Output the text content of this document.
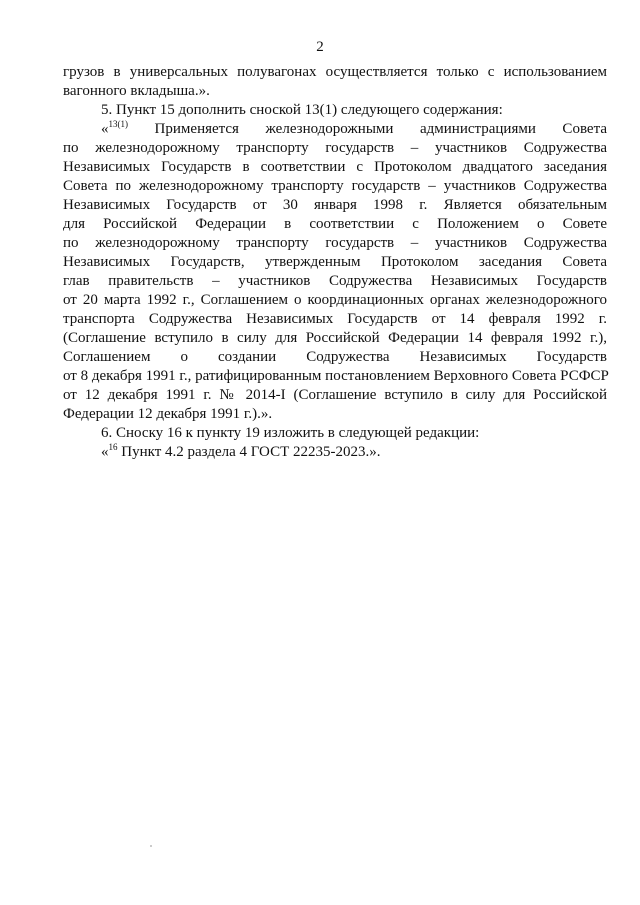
2
грузов в универсальных полувагонах осуществляется только с использованием
вагонного вкладыша.».
5. Пункт 15 дополнить сноской 13(1) следующего содержания:
«$^{13(1)}$ Применяется железнодорожными администрациями Совета
по железнодорожному транспорту государств – участников Содружества
Независимых Государств в соответствии с Протоколом двадцатого заседания
Совета по железнодорожному транспорту государств – участников Содружества
Независимых Государств от 30 января 1998 г. Является обязательным
для Российской Федерации в соответствии с Положением о Совете
по железнодорожному транспорту государств – участников Содружества
Независимых Государств, утвержденным Протоколом заседания Совета
глав правительств – участников Содружества Независимых Государств
от 20 марта 1992 г., Соглашением о координационных органах железнодорожного
транспорта Содружества Независимых Государств от 14 февраля 1992 г.
(Соглашение вступило в силу для Российской Федерации 14 февраля 1992 г.),
Соглашением о создании Содружества Независимых Государств
от 8 декабря 1991 г., ратифицированным постановлением Верховного Совета РСФСР
от 12 декабря 1991 г. № 2014-I (Соглашение вступило в силу для Российской
Федерации 12 декабря 1991 г.).».
6. Сноску 16 к пункту 19 изложить в следующей редакции:
«$^{16}$ Пункт 4.2 раздела 4 ГОСТ 22235-2023.».
